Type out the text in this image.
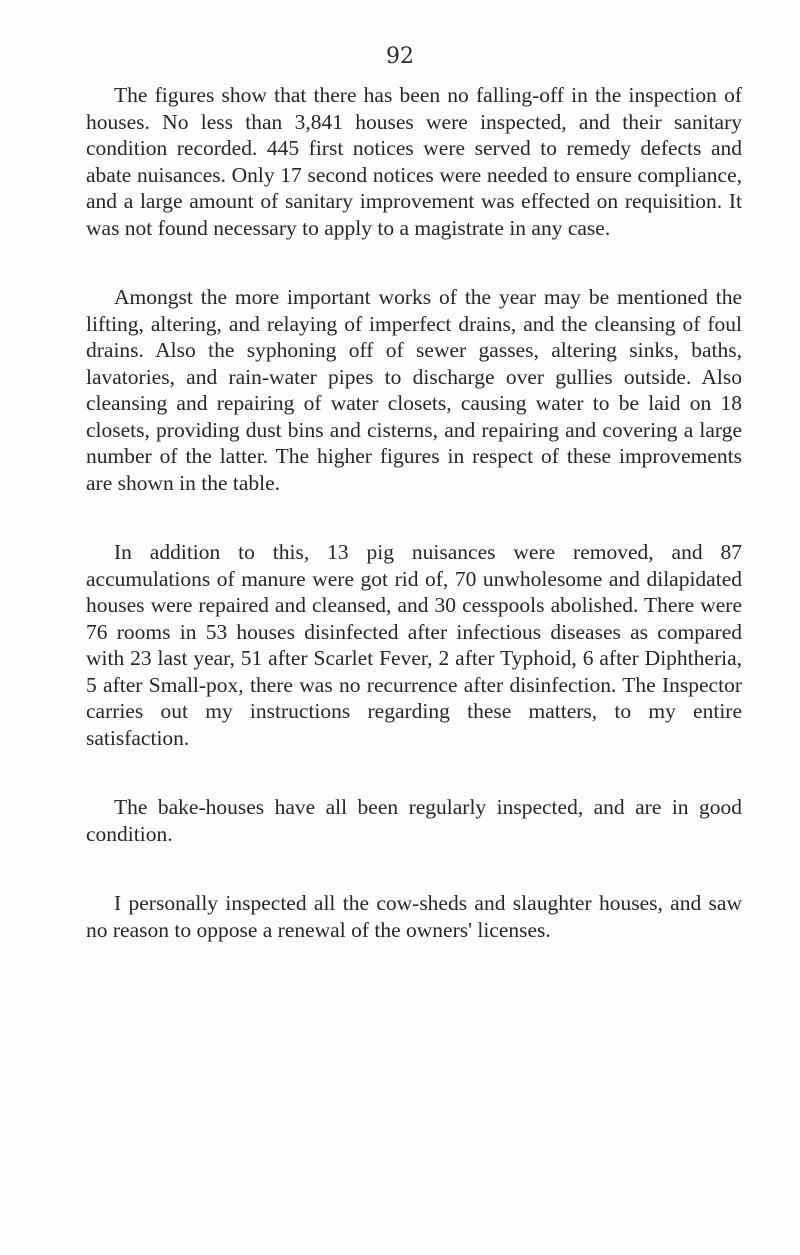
92

The figures show that there has been no falling-off in the inspection of houses. No less than 3,841 houses were inspected, and their sanitary condition recorded. 445 first notices were served to remedy defects and abate nuisances. Only 17 second notices were needed to ensure compliance, and a large amount of sanitary improvement was effected on requisition. It was not found necessary to apply to a magistrate in any case.

Amongst the more important works of the year may be mentioned the lifting, altering, and relaying of imperfect drains, and the cleansing of foul drains. Also the syphoning off of sewer gasses, altering sinks, baths, lavatories, and rain-water pipes to discharge over gullies outside. Also cleansing and repairing of water closets, causing water to be laid on 18 closets, providing dust bins and cisterns, and repairing and covering a large number of the latter. The higher figures in respect of these improvements are shown in the table.

In addition to this, 13 pig nuisances were removed, and 87 accumulations of manure were got rid of, 70 unwholesome and dilapidated houses were repaired and cleansed, and 30 cesspools abolished. There were 76 rooms in 53 houses disinfected after infectious diseases as compared with 23 last year, 51 after Scarlet Fever, 2 after Typhoid, 6 after Diphtheria, 5 after Small-pox, there was no recurrence after disinfection. The Inspector carries out my instructions regarding these matters, to my entire satisfaction.

The bake-houses have all been regularly inspected, and are in good condition.

I personally inspected all the cow-sheds and slaughter houses, and saw no reason to oppose a renewal of the owners' licenses.
